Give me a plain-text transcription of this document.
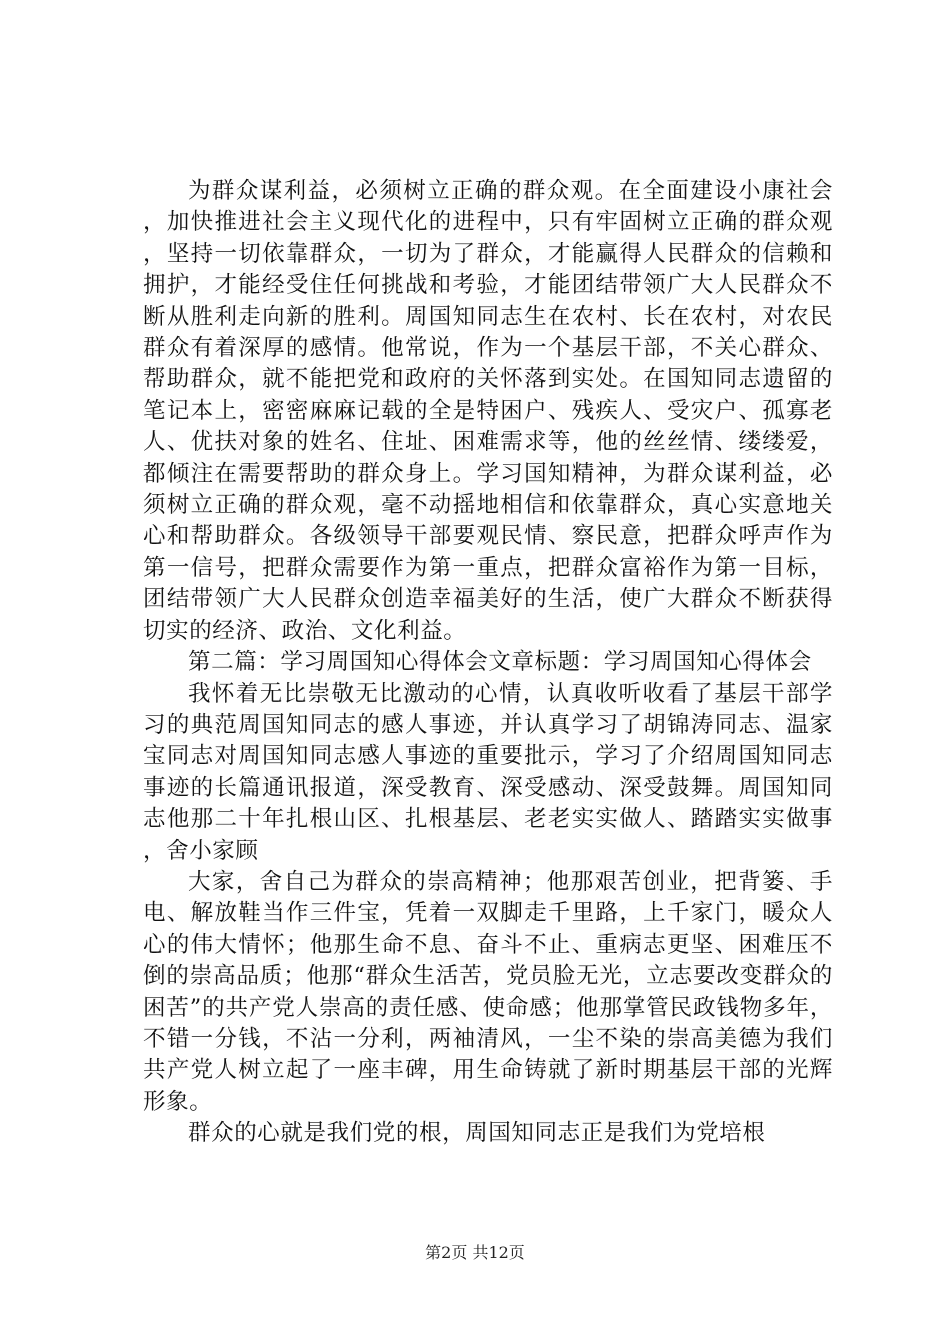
为群众谋利益，必须树立正确的群众观。在全面建设小康社会，加快推进社会主义现代化的进程中，只有牢固树立正确的群众观，坚持一切依靠群众，一切为了群众，才能赢得人民群众的信赖和拥护，才能经受住任何挑战和考验，才能团结带领广大人民群众不断从胜利走向新的胜利。周国知同志生在农村、长在农村，对农民群众有着深厚的感情。他常说，作为一个基层干部，不关心群众、帮助群众，就不能把党和政府的关怀落到实处。在国知同志遗留的笔记本上，密密麻麻记载的全是特困户、残疾人、受灾户、孤寡老人、优扶对象的姓名、住址、困难需求等，他的丝丝情、缕缕爱，都倾注在需要帮助的群众身上。学习国知精神，为群众谋利益，必须树立正确的群众观，毫不动摇地相信和依靠群众，真心实意地关心和帮助群众。各级领导干部要观民情、察民意，把群众呼声作为第一信号，把群众需要作为第一重点，把群众富裕作为第一目标，团结带领广大人民群众创造幸福美好的生活，使广大群众不断获得切实的经济、政治、文化利益。

第二篇：学习周国知心得体会文章标题：学习周国知心得体会

我怀着无比崇敬无比激动的心情，认真收听收看了基层干部学习的典范周国知同志的感人事迹，并认真学习了胡锦涛同志、温家宝同志对周国知同志感人事迹的重要批示，学习了介绍周国知同志事迹的长篇通讯报道，深受教育、深受感动、深受鼓舞。周国知同志他那二十年扎根山区、扎根基层、老老实实做人、踏踏实实做事，舍小家顾

大家，舍自己为群众的崇高精神；他那艰苦创业，把背篓、手电、解放鞋当作三件宝，凭着一双脚走千里路，上千家门，暖众人心的伟大情怀；他那生命不息、奋斗不止、重病志更坚、困难压不倒的崇高品质；他那“群众生活苦，党员脸无光，立志要改变群众的困苦”的共产党人崇高的责任感、使命感；他那掌管民政钱物多年，不错一分钱，不沾一分利，两袖清风，一尘不染的崇高美德为我们共产党人树立起了一座丰碑，用生命铸就了新时期基层干部的光辉形象。

群众的心就是我们党的根，周国知同志正是我们为党培根

第2页 共12页
